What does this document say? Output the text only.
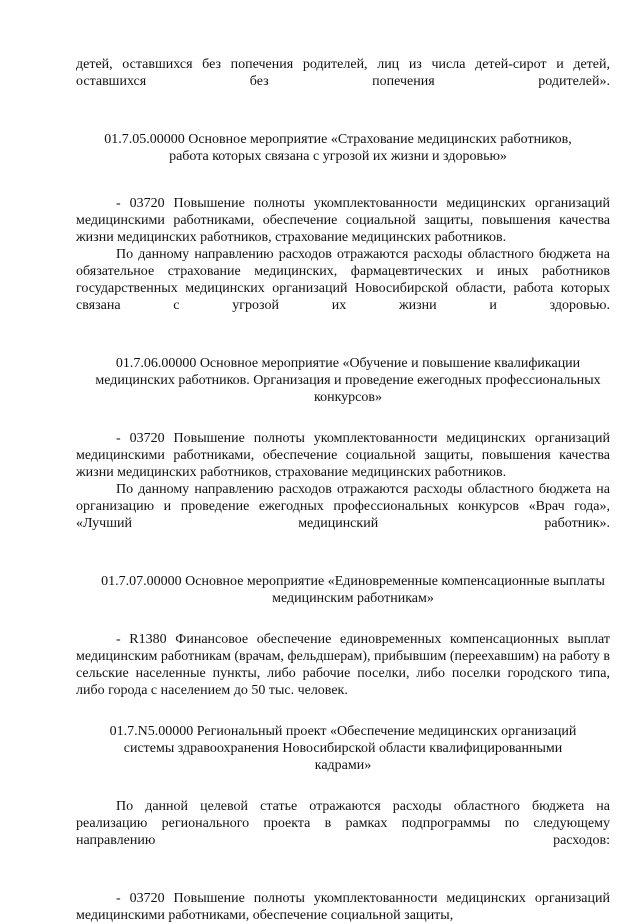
детей, оставшихся без попечения родителей, лиц из числа детей-сирот и детей, оставшихся без попечения родителей».

01.7.05.00000 Основное мероприятие «Страхование медицинских работников, работа которых связана с угрозой их жизни и здоровью»

- 03720 Повышение полноты укомплектованности медицинских организаций медицинскими работниками, обеспечение социальной защиты, повышения качества жизни медицинских работников, страхование медицинских работников.

По данному направлению расходов отражаются расходы областного бюджета на обязательное страхование медицинских, фармацевтических и иных работников государственных медицинских организаций Новосибирской области, работа которых связана с угрозой их жизни и здоровью.

01.7.06.00000 Основное мероприятие «Обучение и повышение квалификации медицинских работников. Организация и проведение ежегодных профессиональных конкурсов»

- 03720 Повышение полноты укомплектованности медицинских организаций медицинскими работниками, обеспечение социальной защиты, повышения качества жизни медицинских работников, страхование медицинских работников.

По данному направлению расходов отражаются расходы областного бюджета на организацию и проведение ежегодных профессиональных конкурсов «Врач года», «Лучший медицинский работник».

01.7.07.00000 Основное мероприятие «Единовременные компенсационные выплаты медицинским работникам»

- R1380 Финансовое обеспечение единовременных компенсационных выплат медицинским работникам (врачам, фельдшерам), прибывшим (переехавшим) на работу в сельские населенные пункты, либо рабочие поселки, либо поселки городского типа, либо города с населением до 50 тыс. человек.

01.7.N5.00000 Региональный проект «Обеспечение медицинских организаций системы здравоохранения Новосибирской области квалифицированными кадрами»

По данной целевой статье отражаются расходы областного бюджета на реализацию регионального проекта в рамках подпрограммы по следующему направлению расходов:

- 03720 Повышение полноты укомплектованности медицинских организаций медицинскими работниками, обеспечение социальной защиты,
